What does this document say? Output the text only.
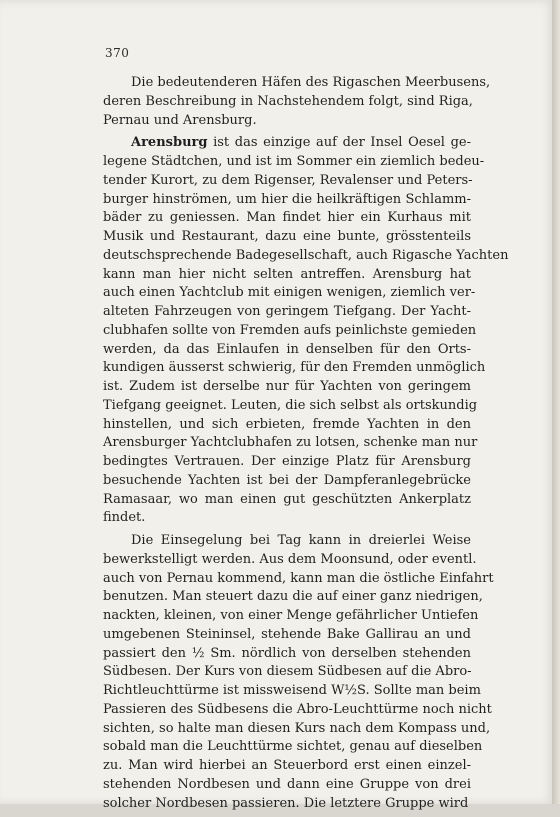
370
Die bedeutenderen Häfen des Rigaschen Meerbusens,
deren Beschreibung in Nachstehendem folgt, sind Riga,
Pernau und Arensburg.
Arensburg ist das einzige auf der Insel Oesel ge-
legene Städtchen, und ist im Sommer ein ziemlich bedeu-
tender Kurort, zu dem Rigenser, Revalenser und Peters-
burger hinströmen, um hier die heilkräftigen Schlamm-
bäder zu geniessen. Man findet hier ein Kurhaus mit
Musik und Restaurant, dazu eine bunte, grösstenteils
deutschsprechende Badegesellschaft, auch Rigasche Yachten
kann man hier nicht selten antreffen. Arensburg hat
auch einen Yachtclub mit einigen wenigen, ziemlich ver-
alteten Fahrzeugen von geringem Tiefgang. Der Yacht-
clubhafen sollte von Fremden aufs peinlichste gemieden
werden, da das Einlaufen in denselben für den Orts-
kundigen äusserst schwierig, für den Fremden unmöglich
ist. Zudem ist derselbe nur für Yachten von geringem
Tiefgang geeignet. Leuten, die sich selbst als ortskundig
hinstellen, und sich erbieten, fremde Yachten in den
Arensburger Yachtclubhafen zu lotsen, schenke man nur
bedingtes Vertrauen. Der einzige Platz für Arensburg
besuchende Yachten ist bei der Dampferanlegebrücke
Ramasaar, wo man einen gut geschützten Ankerplatz
findet.
Die Einsegelung bei Tag kann in dreierlei Weise
bewerkstelligt werden. Aus dem Moonsund, oder eventl.
auch von Pernau kommend, kann man die östliche Einfahrt
benutzen. Man steuert dazu die auf einer ganz niedrigen,
nackten, kleinen, von einer Menge gefährlicher Untiefen
umgebenen Steininsel, stehende Bake Gallirau an und
passiert den ½ Sm. nördlich von derselben stehenden
Südbesen. Der Kurs von diesem Südbesen auf die Abro-
Richtleuchttürme ist missweisend W½S. Sollte man beim
Passieren des Südbesens die Abro-Leuchttürme noch nicht
sichten, so halte man diesen Kurs nach dem Kompass und,
sobald man die Leuchttürme sichtet, genau auf dieselben
zu. Man wird hierbei an Steuerbord erst einen einzel-
stehenden Nordbesen und dann eine Gruppe von drei
solcher Nordbesen passieren. Die letztere Gruppe wird
